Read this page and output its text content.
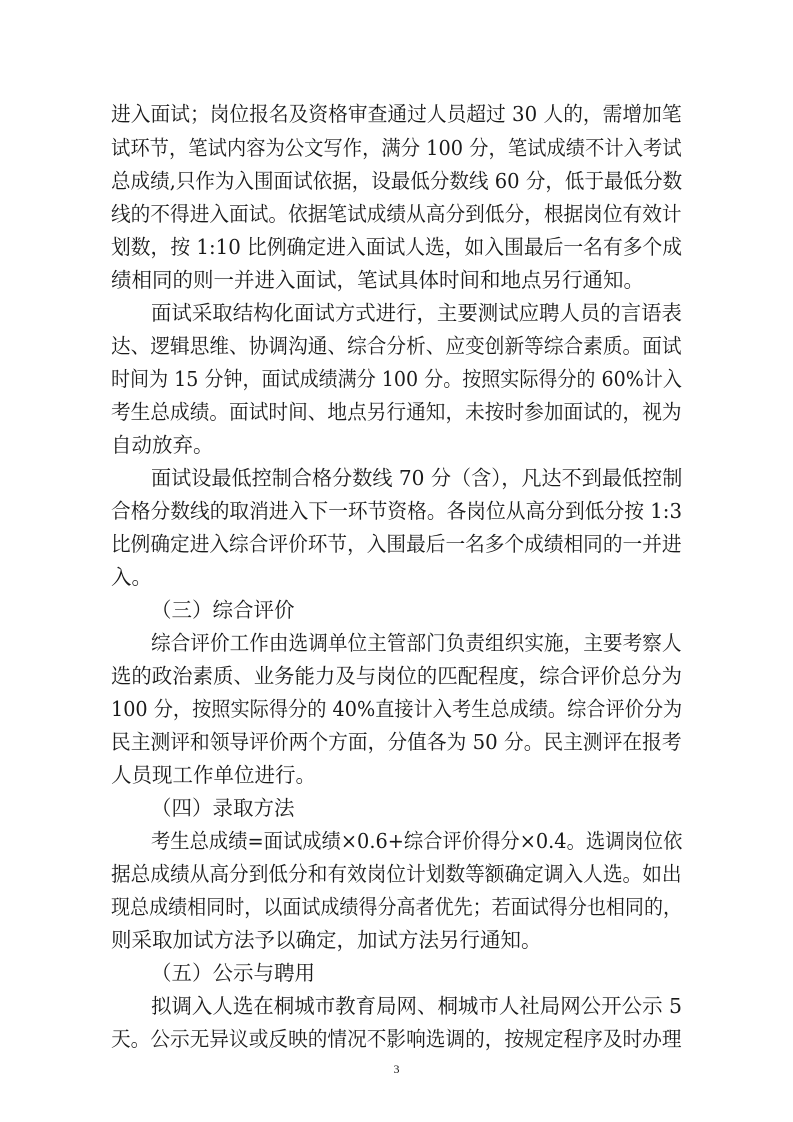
进入面试；岗位报名及资格审查通过人员超过 30 人的，需增加笔
试环节，笔试内容为公文写作，满分 100 分，笔试成绩不计入考试
总成绩,只作为入围面试依据，设最低分数线 60 分，低于最低分数
线的不得进入面试。依据笔试成绩从高分到低分，根据岗位有效计
划数，按 1:10 比例确定进入面试人选，如入围最后一名有多个成
绩相同的则一并进入面试，笔试具体时间和地点另行通知。
面试采取结构化面试方式进行，主要测试应聘人员的言语表
达、逻辑思维、协调沟通、综合分析、应变创新等综合素质。面试
时间为 15 分钟，面试成绩满分 100 分。按照实际得分的 60%计入
考生总成绩。面试时间、地点另行通知，未按时参加面试的，视为
自动放弃。
面试设最低控制合格分数线 70 分（含），凡达不到最低控制
合格分数线的取消进入下一环节资格。各岗位从高分到低分按 1:3
比例确定进入综合评价环节，入围最后一名多个成绩相同的一并进
入。
（三）综合评价
综合评价工作由选调单位主管部门负责组织实施，主要考察人
选的政治素质、业务能力及与岗位的匹配程度，综合评价总分为
100 分，按照实际得分的 40%直接计入考生总成绩。综合评价分为
民主测评和领导评价两个方面，分值各为 50 分。民主测评在报考
人员现工作单位进行。
（四）录取方法
考生总成绩=面试成绩×0.6+综合评价得分×0.4。选调岗位依
据总成绩从高分到低分和有效岗位计划数等额确定调入人选。如出
现总成绩相同时，以面试成绩得分高者优先；若面试得分也相同的，
则采取加试方法予以确定，加试方法另行通知。
（五）公示与聘用
拟调入人选在桐城市教育局网、桐城市人社局网公开公示 5
天。公示无异议或反映的情况不影响选调的，按规定程序及时办理
3
